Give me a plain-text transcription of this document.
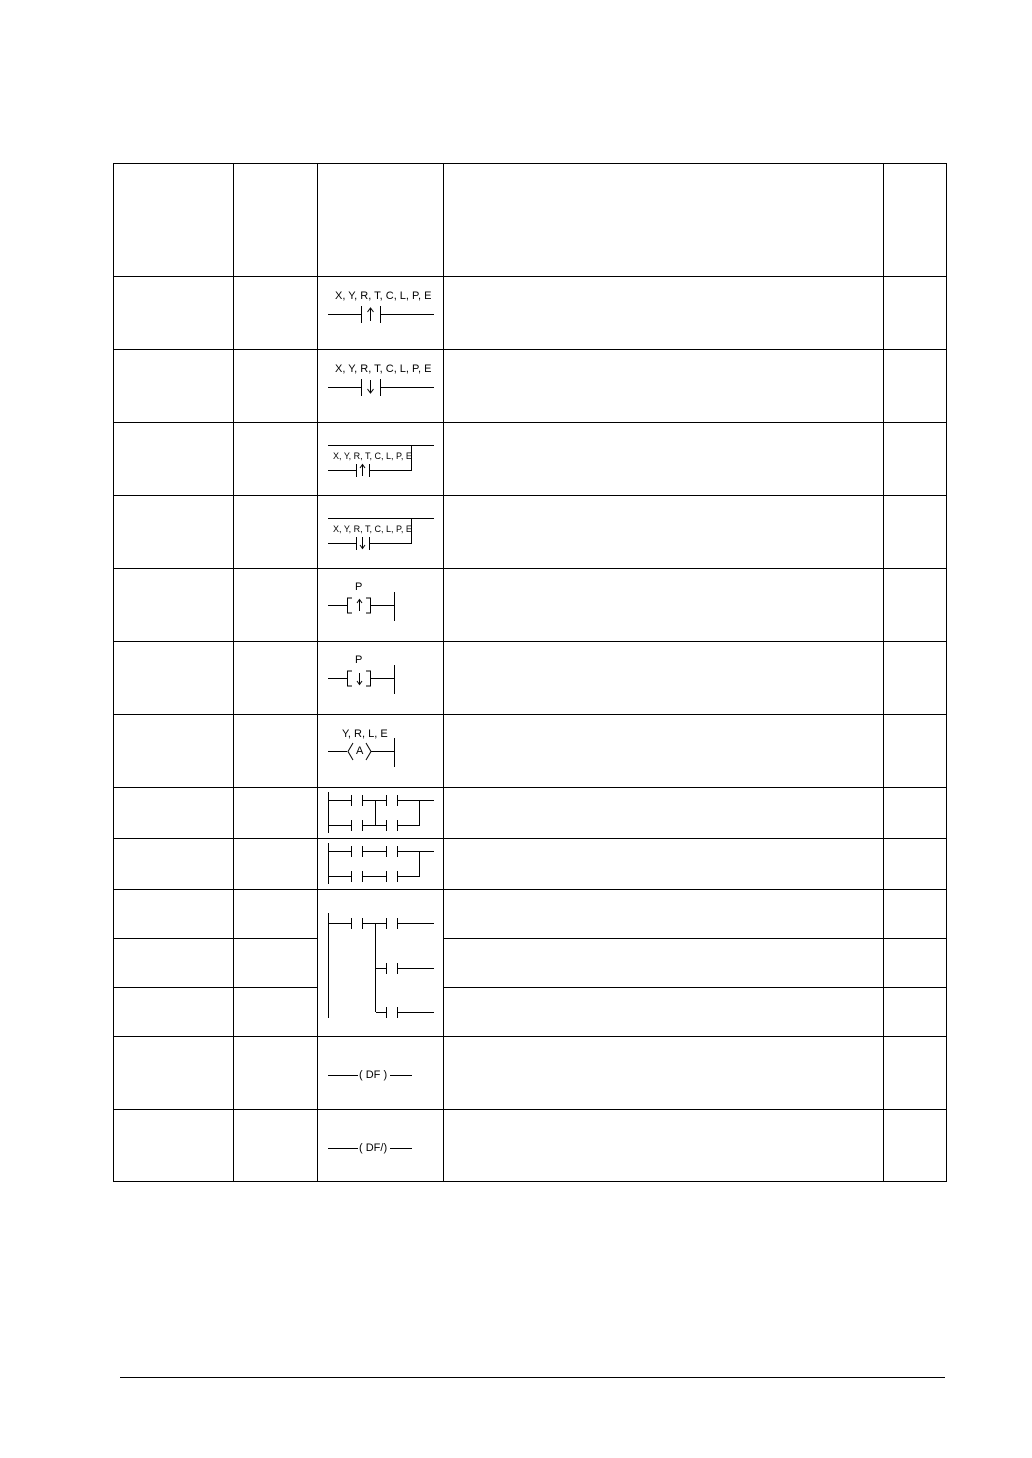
X, Y, R, T, C, L, P, E
X, Y, R, T, C, L, P, E
X, Y, R, T, C, L, P, E
X, Y, R, T, C, L, P, E
P
P
Y, R, L, E
A
( DF )
( DF/)
